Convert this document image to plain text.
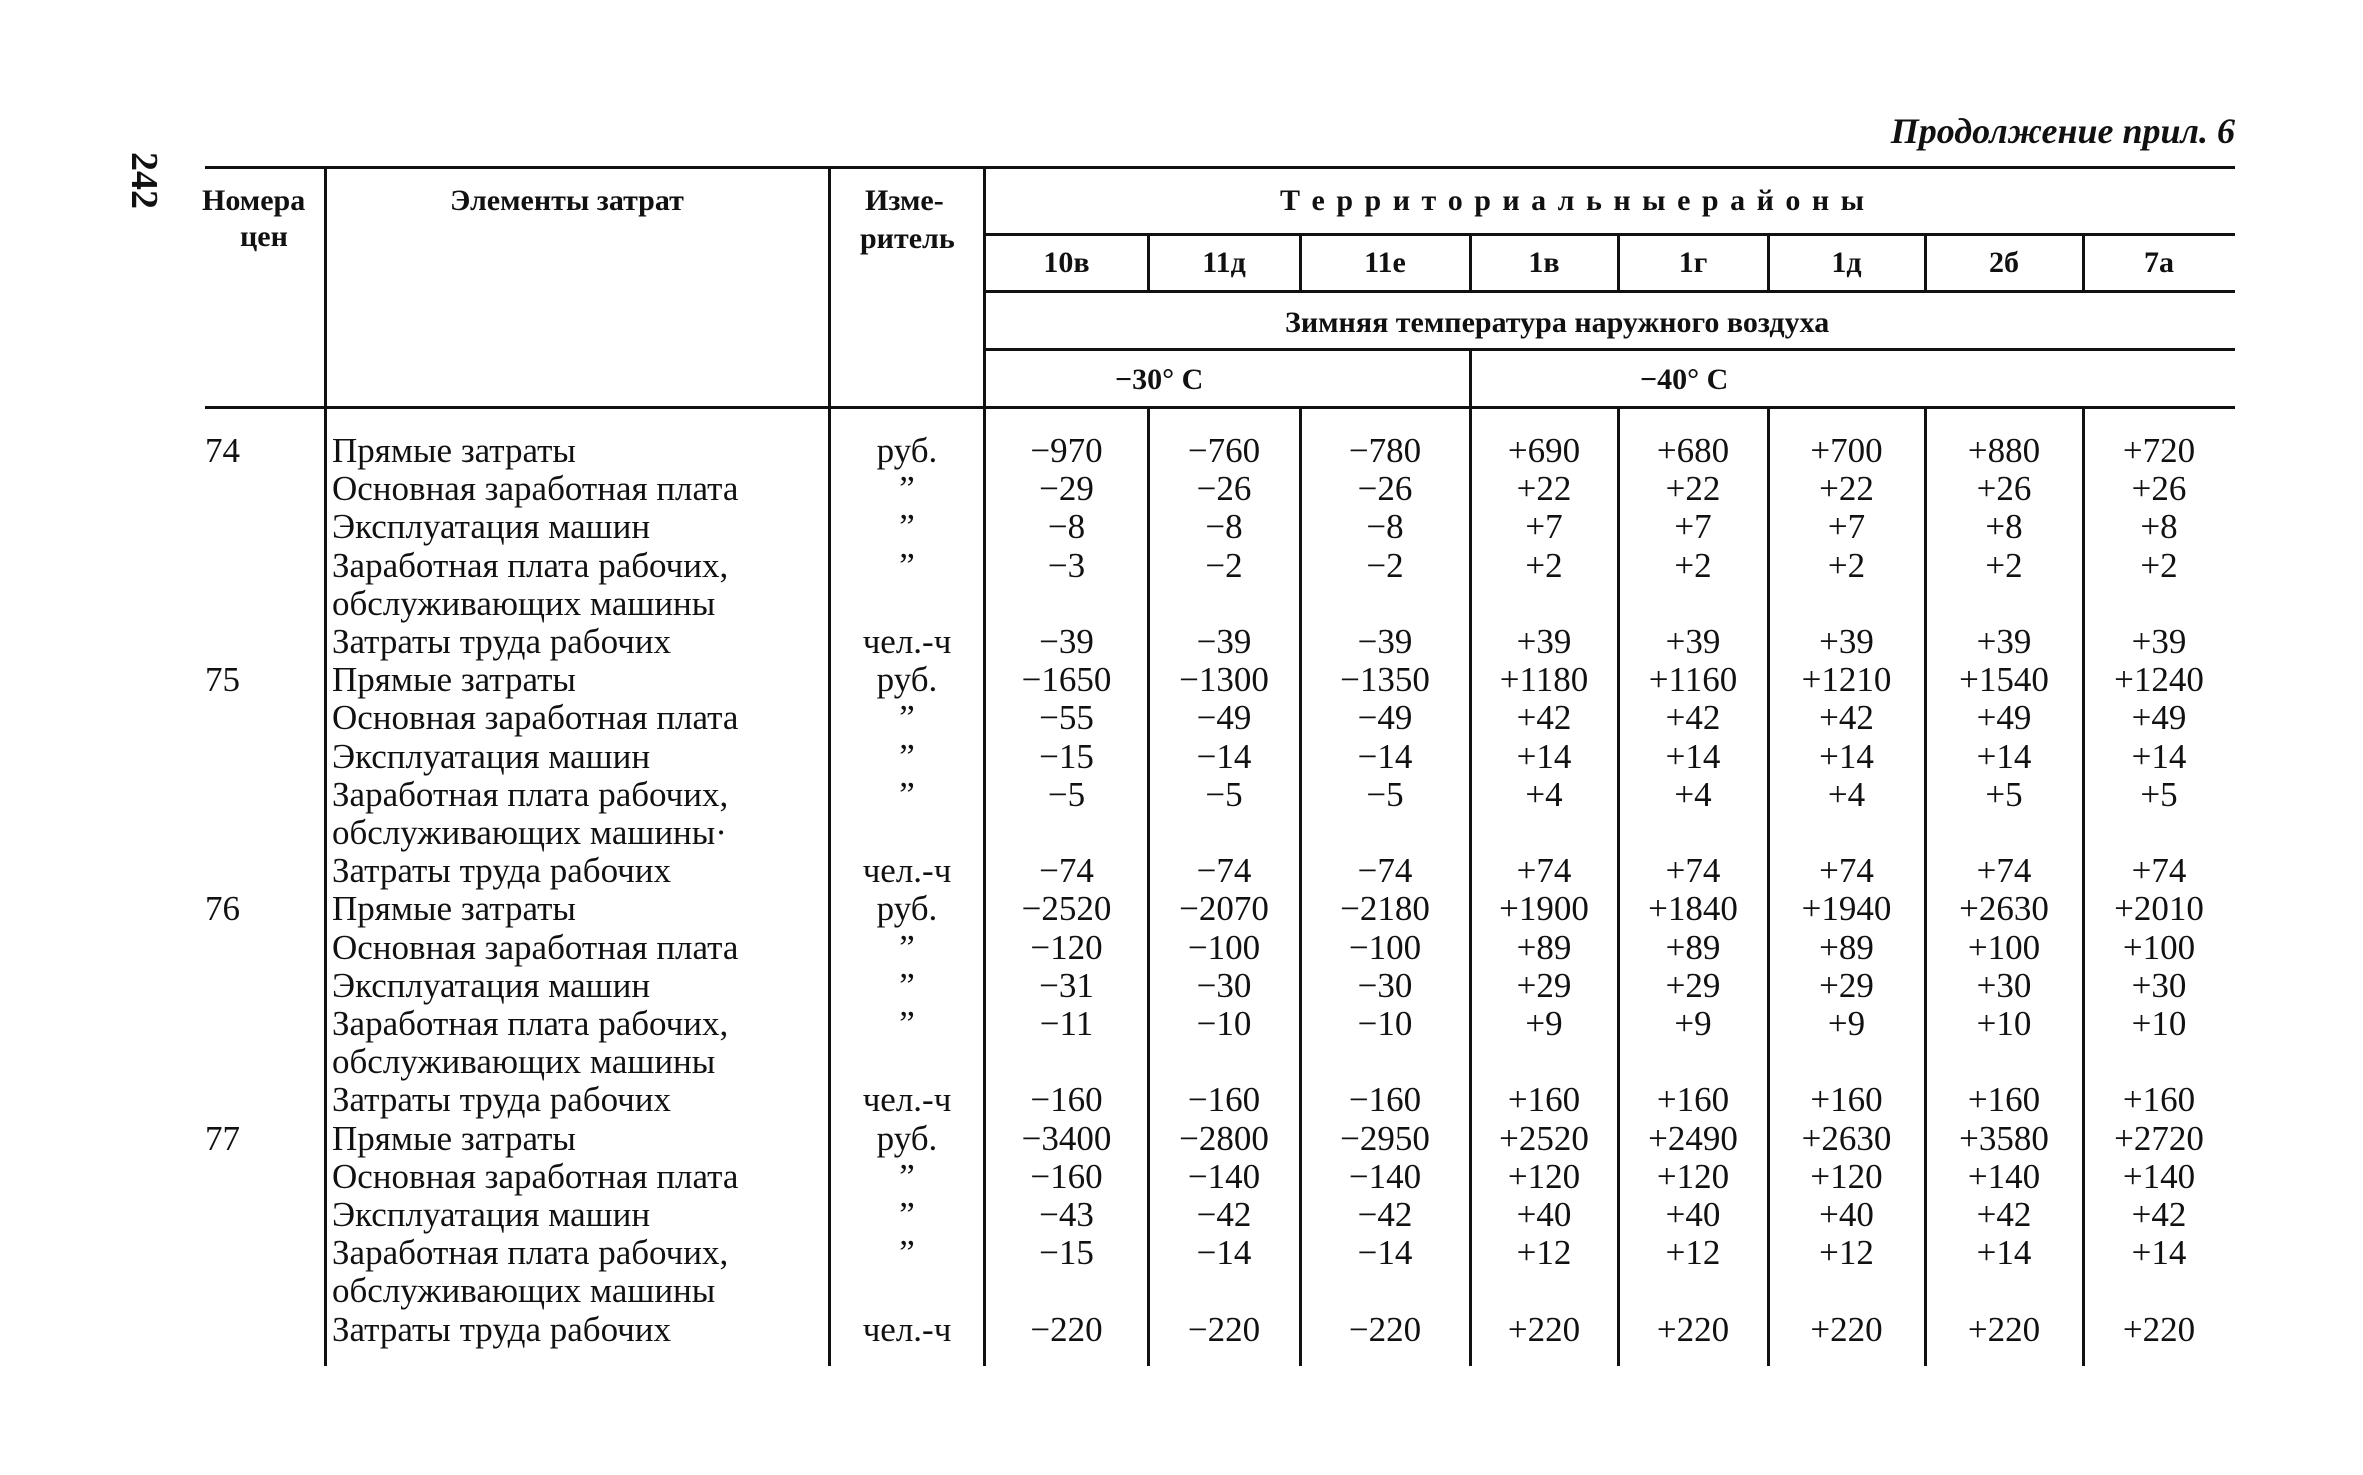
242
Продолжение прил. 6
Номера
цен
Элементы затрат	Изме-
ритель
Т е р р и т о р и а л ь н ы е р а й о н ы
10в	11д	11е	1в	1г	1д	2б	7а
Зимняя температура наружного воздуха
−30° С	−40° С
74	Прямые затраты	руб.	−970	−760	−780	+690	+680	+700	+880	+720
Основная заработная плата	”	−29	−26	−26	+22	+22	+22	+26	+26
Эксплуатация машин	”	−8	−8	−8	+7	+7	+7	+8	+8
Заработная плата рабочих,	”	−3	−2	−2	+2	+2	+2	+2	+2
обслуживающих машины
Затраты труда рабочих	чел.-ч	−39	−39	−39	+39	+39	+39	+39	+39
75	Прямые затраты	руб.	−1650	−1300	−1350	+1180	+1160	+1210	+1540	+1240
Основная заработная плата	”	−55	−49	−49	+42	+42	+42	+49	+49
Эксплуатация машин	”	−15	−14	−14	+14	+14	+14	+14	+14
Заработная плата рабочих,	”	−5	−5	−5	+4	+4	+4	+5	+5
обслуживающих машины·
Затраты труда рабочих	чел.-ч	−74	−74	−74	+74	+74	+74	+74	+74
76	Прямые затраты	руб.	−2520	−2070	−2180	+1900	+1840	+1940	+2630	+2010
Основная заработная плата	”	−120	−100	−100	+89	+89	+89	+100	+100
Эксплуатация машин	”	−31	−30	−30	+29	+29	+29	+30	+30
Заработная плата рабочих,	”	−11	−10	−10	+9	+9	+9	+10	+10
обслуживающих машины
Затраты труда рабочих	чел.-ч	−160	−160	−160	+160	+160	+160	+160	+160
77	Прямые затраты	руб.	−3400	−2800	−2950	+2520	+2490	+2630	+3580	+2720
Основная заработная плата	”	−160	−140	−140	+120	+120	+120	+140	+140
Эксплуатация машин	”	−43	−42	−42	+40	+40	+40	+42	+42
Заработная плата рабочих,	”	−15	−14	−14	+12	+12	+12	+14	+14
обслуживающих машины
Затраты труда рабочих	чел.-ч	−220	−220	−220	+220	+220	+220	+220	+220
